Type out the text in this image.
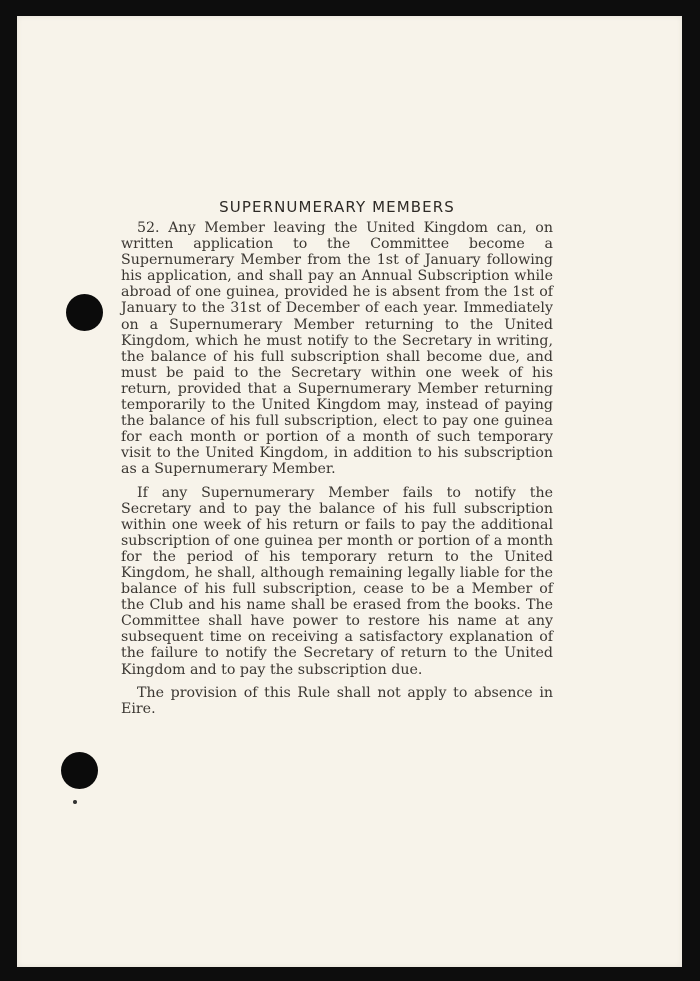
SUPERNUMERARY MEMBERS

52. Any Member leaving the United Kingdom can, on written application to the Committee become a Supernumerary Member from the 1st of January following his application, and shall pay an Annual Subscription while abroad of one guinea, provided he is absent from the 1st of January to the 31st of December of each year. Immediately on a Supernumerary Member returning to the United Kingdom, which he must notify to the Secretary in writing, the balance of his full subscription shall become due, and must be paid to the Secretary within one week of his return, provided that a Supernumerary Member returning temporarily to the United Kingdom may, instead of paying the balance of his full subscription, elect to pay one guinea for each month or portion of a month of such temporary visit to the United Kingdom, in addition to his subscription as a Supernumerary Member.

If any Supernumerary Member fails to notify the Secretary and to pay the balance of his full subscription within one week of his return or fails to pay the additional subscription of one guinea per month or portion of a month for the period of his temporary return to the United Kingdom, he shall, although remaining legally liable for the balance of his full subscription, cease to be a Member of the Club and his name shall be erased from the books. The Committee shall have power to restore his name at any subsequent time on receiving a satisfactory explanation of the failure to notify the Secretary of return to the United Kingdom and to pay the subscription due.

The provision of this Rule shall not apply to absence in Eire.
